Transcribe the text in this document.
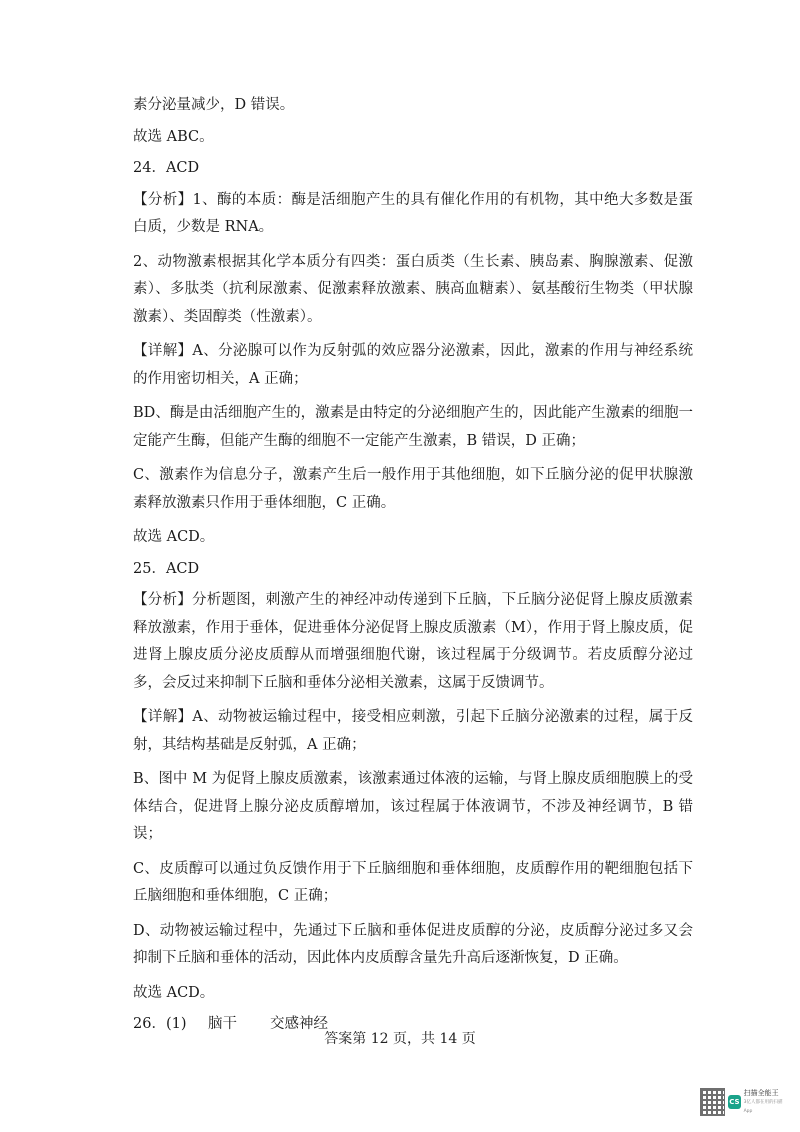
素分泌量减少，D 错误。

故选 ABC。

24．ACD

【分析】1、酶的本质：酶是活细胞产生的具有催化作用的有机物，其中绝大多数是蛋白质，少数是 RNA。

2、动物激素根据其化学本质分有四类：蛋白质类（生长素、胰岛素、胸腺激素、促激素）、多肽类（抗利尿激素、促激素释放激素、胰高血糖素）、氨基酸衍生物类（甲状腺激素）、类固醇类（性激素）。

【详解】A、分泌腺可以作为反射弧的效应器分泌激素，因此，激素的作用与神经系统的作用密切相关，A 正确；

BD、酶是由活细胞产生的，激素是由特定的分泌细胞产生的，因此能产生激素的细胞一定能产生酶，但能产生酶的细胞不一定能产生激素，B 错误，D 正确；

C、激素作为信息分子，激素产生后一般作用于其他细胞，如下丘脑分泌的促甲状腺激素释放激素只作用于垂体细胞，C 正确。

故选 ACD。

25．ACD

【分析】分析题图，刺激产生的神经冲动传递到下丘脑，下丘脑分泌促肾上腺皮质激素释放激素，作用于垂体，促进垂体分泌促肾上腺皮质激素（M），作用于肾上腺皮质，促进肾上腺皮质分泌皮质醇从而增强细胞代谢，该过程属于分级调节。若皮质醇分泌过多，会反过来抑制下丘脑和垂体分泌相关激素，这属于反馈调节。

【详解】A、动物被运输过程中，接受相应刺激，引起下丘脑分泌激素的过程，属于反射，其结构基础是反射弧，A 正确；

B、图中 M 为促肾上腺皮质激素，该激素通过体液的运输，与肾上腺皮质细胞膜上的受体结合，促进肾上腺分泌皮质醇增加，该过程属于体液调节，不涉及神经调节，B 错误；

C、皮质醇可以通过负反馈作用于下丘脑细胞和垂体细胞，皮质醇作用的靶细胞包括下丘脑细胞和垂体细胞，C 正确；

D、动物被运输过程中，先通过下丘脑和垂体促进皮质醇的分泌，皮质醇分泌过多又会抑制下丘脑和垂体的活动，因此体内皮质醇含量先升高后逐渐恢复，D 正确。

故选 ACD。

26．(1)	脑干	交感神经
答案第 12 页，共 14 页
CS
扫描全能王
3亿人都在用的扫描App
